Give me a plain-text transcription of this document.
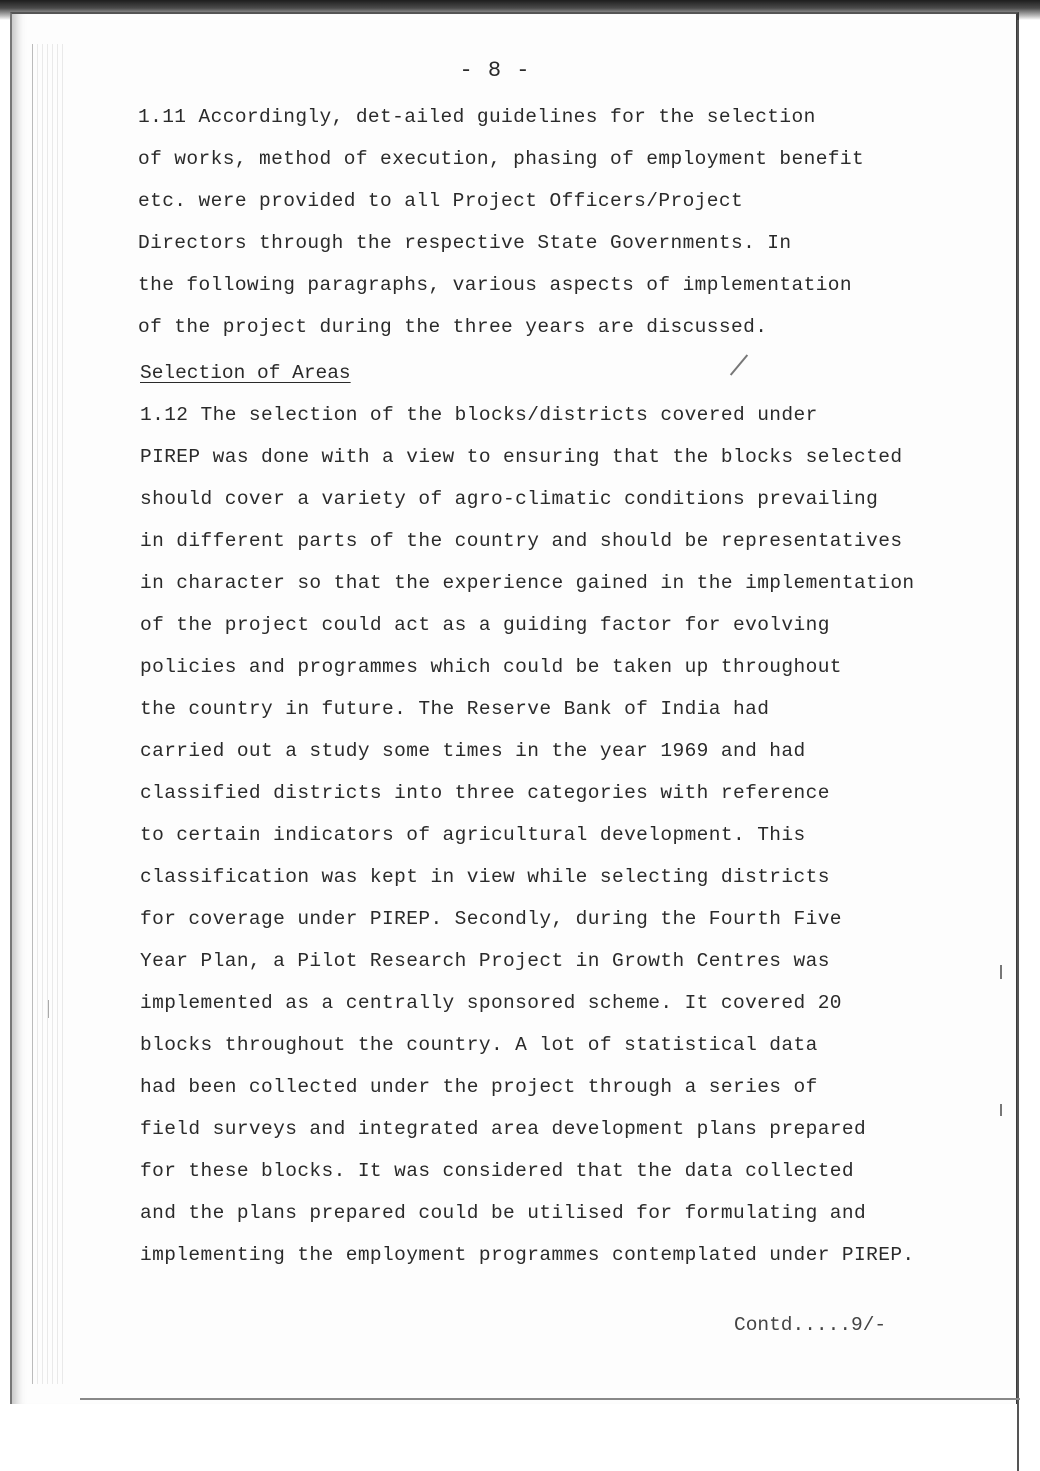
- 8 -
1.11 Accordingly, det-ailed guidelines for the selection
of works, method of execution, phasing of employment benefit
etc. were provided to all Project Officers/Project
Directors through the respective State Governments. In
the following paragraphs, various aspects of implementation
of the project during the three years are discussed.
Selection of Areas
1.12 The selection of the blocks/districts covered under
PIREP was done with a view to ensuring that the blocks selected
should cover a variety of agro-climatic conditions prevailing
in different parts of the country and should be representatives
in character so that the experience gained in the implementation
of the project could act as a guiding factor for evolving
policies and programmes which could be taken up throughout
the country in future. The Reserve Bank of India had
carried out a study some times in the year 1969 and had
classified districts into three categories with reference
to certain indicators of agricultural development. This
classification was kept in view while selecting districts
for coverage under PIREP. Secondly, during the Fourth Five
Year Plan, a Pilot Research Project in Growth Centres was
implemented as a centrally sponsored scheme. It covered 20
blocks throughout the country. A lot of statistical data
had been collected under the project through a series of
field surveys and integrated area development plans prepared
for these blocks. It was considered that the data collected
and the plans prepared could be utilised for formulating and
implementing the employment programmes contemplated under PIREP.
Contd.....9/-
